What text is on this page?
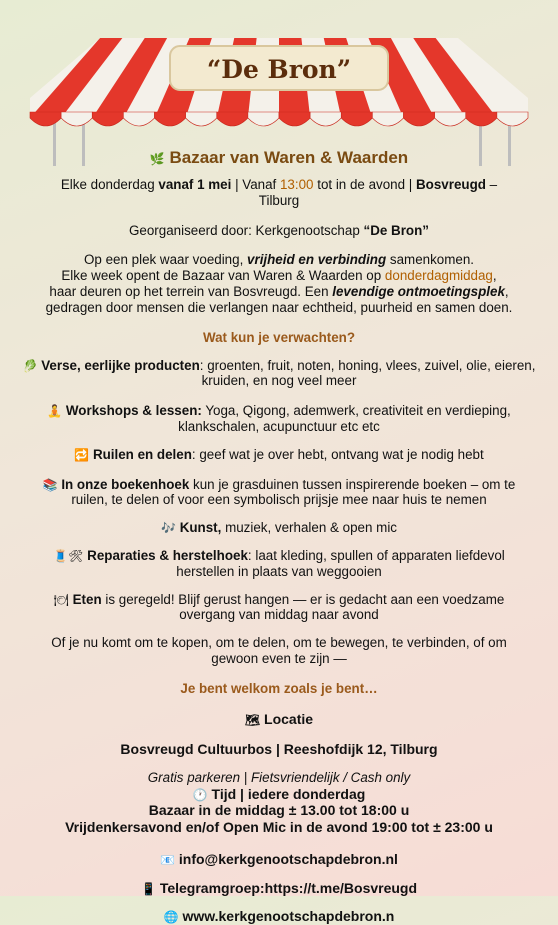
“De Bron”
🌿 Bazaar van Waren & Waarden

Elke donderdag vanaf 1 mei | Vanaf 13:00 tot in de avond | Bosvreugd – Tilburg

Georganiseerd door: Kerkgenootschap “De Bron”

Op een plek waar voeding, vrijheid en verbinding samenkomen.
Elke week opent de Bazaar van Waren & Waarden op donderdagmiddag,
haar deuren op het terrein van Bosvreugd. Een levendige ontmoetingsplek,
gedragen door mensen die verlangen naar echtheid, puurheid en samen doen.

Wat kun je verwachten?

🥬 Verse, eerlijke producten: groenten, fruit, noten, honing, vlees, zuivel, olie, eieren, kruiden, en nog veel meer

🧘 Workshops & lessen: Yoga, Qigong, ademwerk, creativiteit en verdieping, klankschalen, acupunctuur etc etc

🔁 Ruilen en delen: geef wat je over hebt, ontvang wat je nodig hebt

📚 In onze boekenhoek kun je grasduinen tussen inspirerende boeken – om te ruilen, te delen of voor een symbolisch prijsje mee naar huis te nemen

🎶 Kunst, muziek, verhalen & open mic

🧵🛠 Reparaties & herstelhoek: laat kleding, spullen of apparaten liefdevol herstellen in plaats van weggooien

🍽 Eten is geregeld! Blijf gerust hangen — er is gedacht aan een voedzame overgang van middag naar avond

Of je nu komt om te kopen, om te delen, om te bewegen, te verbinden, of om gewoon even te zijn —

Je bent welkom zoals je bent…

🗺 Locatie

Bosvreugd Cultuurbos | Reeshofdijk 12, Tilburg

Gratis parkeren | Fietsvriendelijk / Cash only

🕐 Tijd | iedere donderdag

Bazaar in de middag ± 13.00 tot 18:00 u

Vrijdenkersavond en/of Open Mic in de avond 19:00 tot ± 23:00 u

📧 info@kerkgenootschapdebron.nl

📱 Telegramgroep:https://t.me/Bosvreugd

🌐 www.kerkgenootschapdebron.n
